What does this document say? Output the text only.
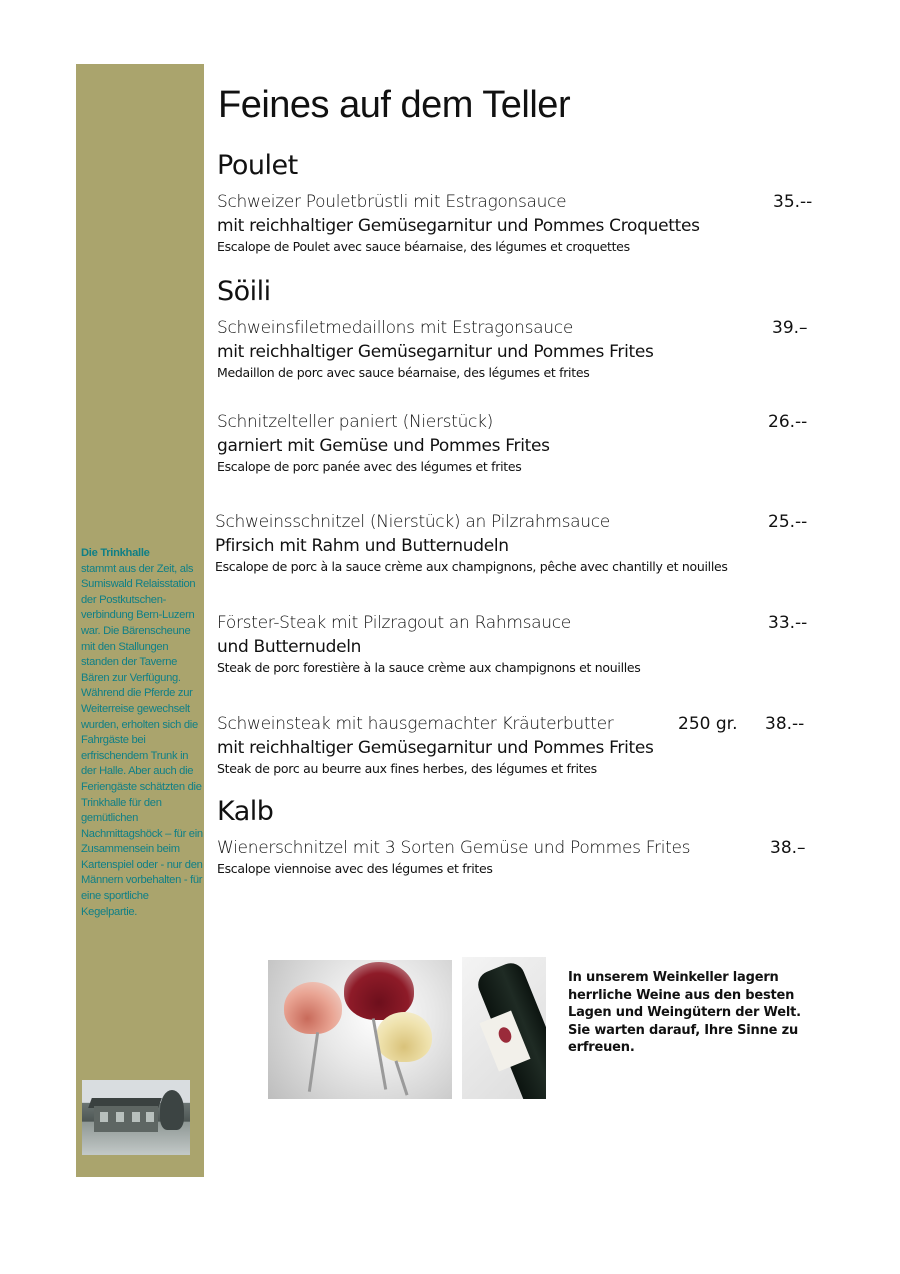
Die Trinkhalle
stammt aus der Zeit, als Sumiswald Relaisstation der Postkutschen-verbindung Bern-Luzern war. Die Bärenscheune mit den Stallungen standen der Taverne Bären zur Verfügung. Während die Pferde zur Weiterreise gewechselt wurden, erholten sich die Fahrgäste bei erfrischendem Trunk in der Halle. Aber auch die Feriengäste schätzten die Trinkhalle für den gemütlichen Nachmittagshöck – für ein Zusammensein beim Kartenspiel oder - nur den Männern vorbehalten - für eine sportliche Kegelpartie.
Feines auf dem Teller
Poulet
Schweizer Pouletbrüstli mit Estragonsauce
mit reichhaltiger Gemüsegarnitur und Pommes Croquettes
Escalope de Poulet avec sauce béarnaise, des légumes et croquettes
35.--
Söili
Schweinsfiletmedaillons mit Estragonsauce
mit reichhaltiger Gemüsegarnitur und Pommes Frites
Medaillon de porc avec sauce béarnaise, des légumes et frites
39.–
Schnitzelteller paniert (Nierstück)
garniert mit Gemüse und Pommes Frites
Escalope de porc panée avec des légumes et frites
26.--
Schweinsschnitzel (Nierstück) an Pilzrahmsauce
Pfirsich mit Rahm und Butternudeln
Escalope de porc à la sauce crème aux champignons, pêche avec chantilly et nouilles
25.--
Förster-Steak mit Pilzragout an Rahmsauce
und Butternudeln
Steak de porc forestière à la sauce crème aux champignons et nouilles
33.--
Schweinsteak mit hausgemachter Kräuterbutter
mit reichhaltiger Gemüsegarnitur und Pommes Frites
Steak de porc au beurre aux fines herbes, des légumes et frites
250 gr. 38.--
Kalb
Wienerschnitzel mit 3 Sorten Gemüse und Pommes Frites
Escalope viennoise avec des légumes et frites
38.–
In unserem Weinkeller lagern herrliche Weine aus den besten Lagen und Weingütern der Welt. Sie warten darauf, Ihre Sinne zu erfreuen.
